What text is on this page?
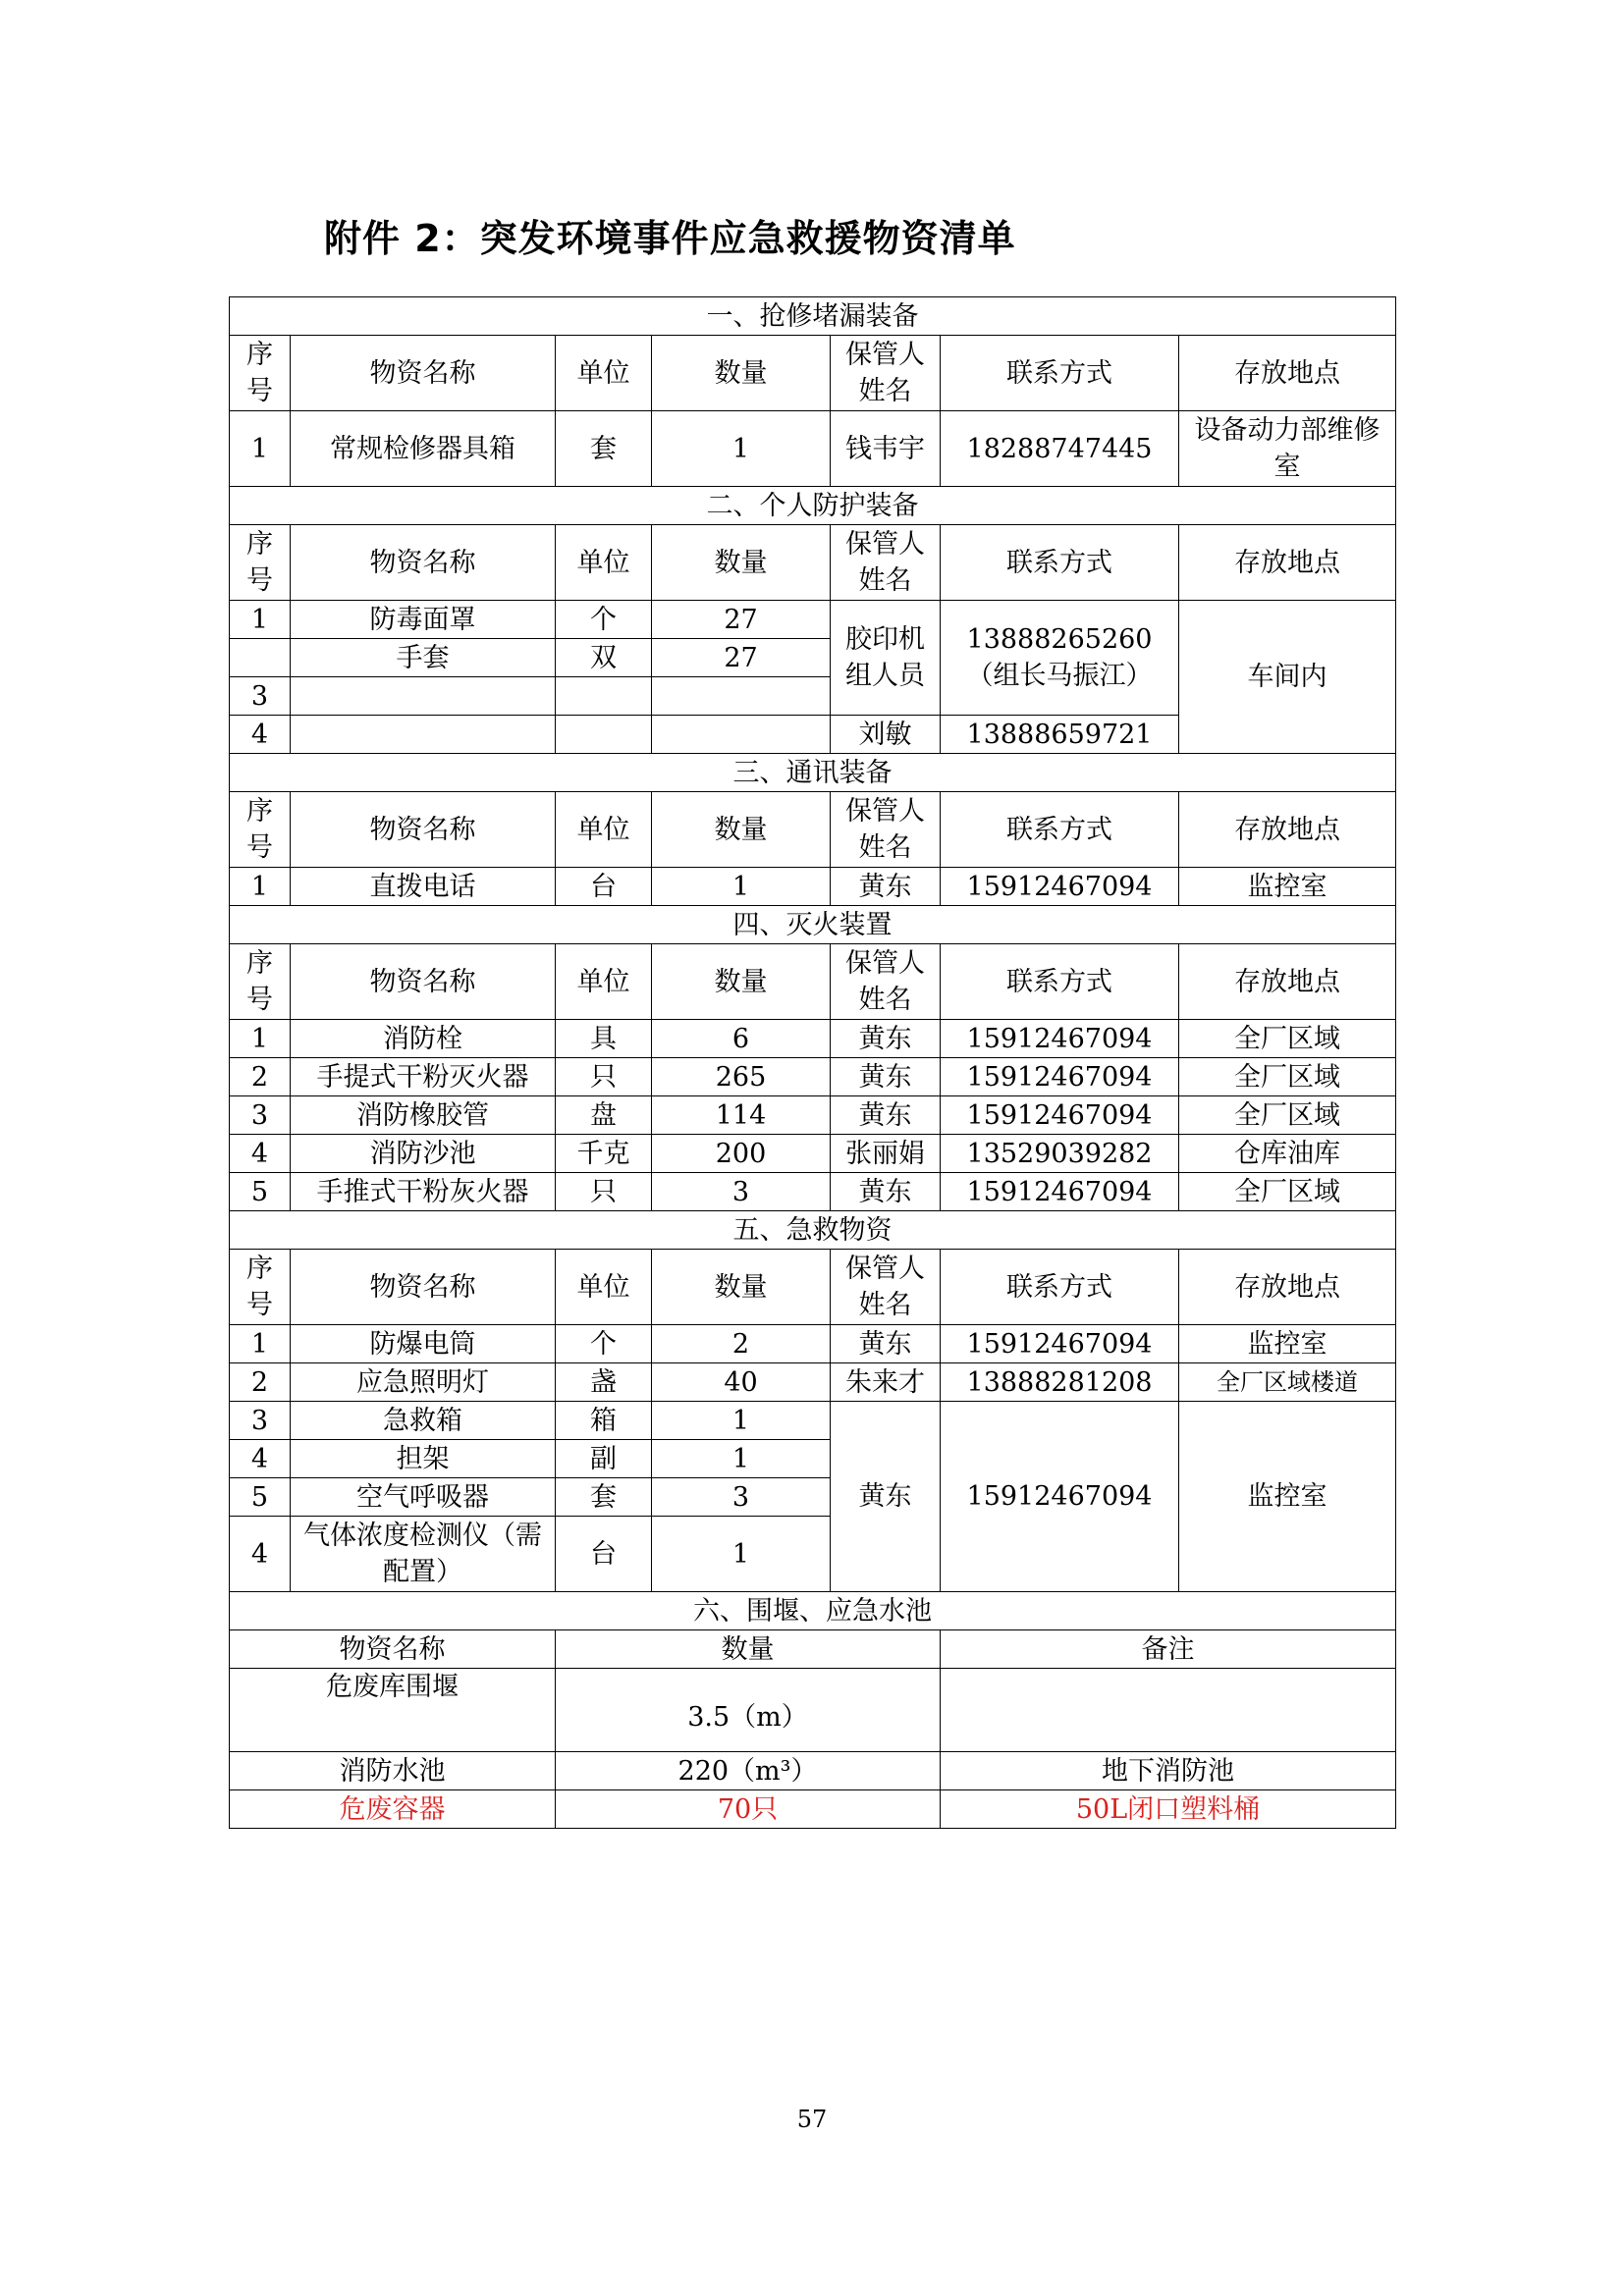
附件 2：突发环境事件应急救援物资清单
一、抢修堵漏装备						
序号	物资名称	单位	数量	保管人姓名	联系方式	存放地点
1	常规检修器具箱	套	1	钱韦宇	18288747445	设备动力部维修室
二、个人防护装备						
序号	物资名称	单位	数量	保管人姓名	联系方式	存放地点
1	防毒面罩	个	27	胶印机组人员	13888265260（组长马振江）	车间内
	手套	双	27			
3						
4				刘敏	13888659721	
三、通讯装备						
序号	物资名称	单位	数量	保管人姓名	联系方式	存放地点
1	直拨电话	台	1	黄东	15912467094	监控室
四、灭火装置						
序号	物资名称	单位	数量	保管人姓名	联系方式	存放地点
1	消防栓	具	6	黄东	15912467094	全厂区域
2	手提式干粉灭火器	只	265	黄东	15912467094	全厂区域
3	消防橡胶管	盘	114	黄东	15912467094	全厂区域
4	消防沙池	千克	200	张丽娟	13529039282	仓库油库
5	手推式干粉灰火器	只	3	黄东	15912467094	全厂区域
五、急救物资						
序号	物资名称	单位	数量	保管人姓名	联系方式	存放地点
1	防爆电筒	个	2	黄东	15912467094	监控室
2	应急照明灯	盏	40	朱来才	13888281208	全厂区域楼道
3	急救箱	箱	1	黄东	15912467094	监控室
4	担架	副	1			
5	空气呼吸器	套	3			
4	气体浓度检测仪（需配置）	台	1			
六、围堰、应急水池						
物资名称		数量			备注	
危废库围堰		3.5（m）				
消防水池		220（m³）			地下消防池	
危废容器		70只			50L闭口塑料桶	
57
